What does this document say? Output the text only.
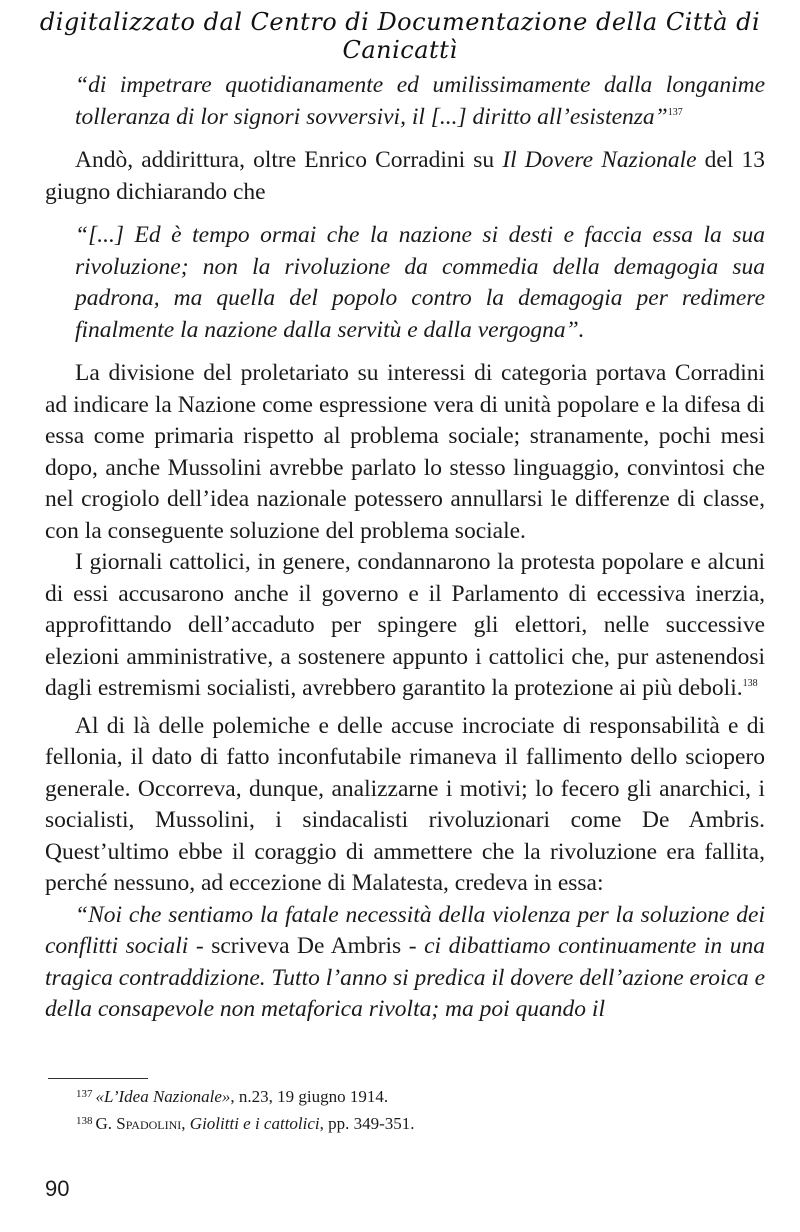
digitalizzato dal Centro di Documentazione della Città di Canicattì

“di impetrare quotidianamente ed umilissimamente dalla longanime tolleranza di lor signori sovversivi, il [...] diritto all’esistenza”$^{137}$

Andò, addirittura, oltre Enrico Corradini su Il Dovere Nazionale del 13 giugno dichiarando che

“[...] Ed è tempo ormai che la nazione si desti e faccia essa la sua rivoluzione; non la rivoluzione da commedia della demagogia sua padrona, ma quella del popolo contro la demagogia per redimere finalmente la nazione dalla servitù e dalla vergogna”.

La divisione del proletariato su interessi di categoria portava Corradini ad indicare la Nazione come espressione vera di unità popolare e la difesa di essa come primaria rispetto al problema sociale; stranamente, pochi mesi dopo, anche Mussolini avrebbe parlato lo stesso linguaggio, convintosi che nel crogiolo dell’idea nazionale potessero annullarsi le differenze di classe, con la conseguente soluzione del problema sociale.

I giornali cattolici, in genere, condannarono la protesta popolare e alcuni di essi accusarono anche il governo e il Parlamento di eccessiva inerzia, approfittando dell’accaduto per spingere gli elettori, nelle successive elezioni amministrative, a sostenere appunto i cattolici che, pur astenendosi dagli estremismi socialisti, avrebbero garantito la protezione ai più deboli.$^{138}$

Al di là delle polemiche e delle accuse incrociate di responsabilità e di fellonia, il dato di fatto inconfutabile rimaneva il fallimento dello sciopero generale. Occorreva, dunque, analizzarne i motivi; lo fecero gli anarchici, i socialisti, Mussolini, i sindacalisti rivoluzionari come De Ambris. Quest’ultimo ebbe il coraggio di ammettere che la rivoluzione era fallita, perché nessuno, ad eccezione di Malatesta, credeva in essa:

“Noi che sentiamo la fatale necessità della violenza per la soluzione dei conflitti sociali - scriveva De Ambris - ci dibattiamo continuamente in una tragica contraddizione. Tutto l’anno si predica il dovere dell’azione eroica e della consapevole non metaforica rivolta; ma poi quando il

$^{137}$ «L’Idea Nazionale», n.23, 19 giugno 1914.

$^{138}$ G. Spadolini, Giolitti e i cattolici, pp. 349-351.

90
